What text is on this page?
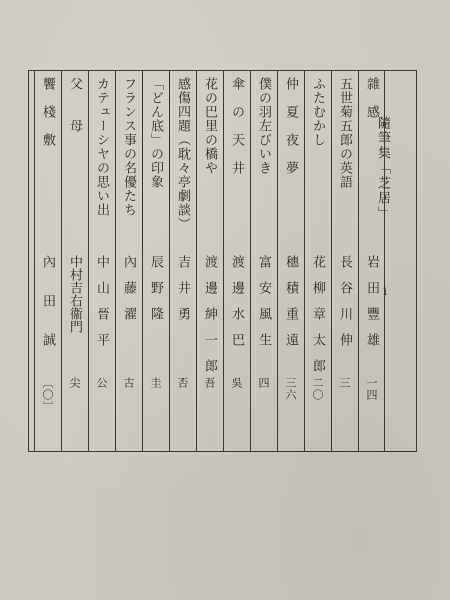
隨筆集「芝居」
i
雜　感
岩　田　豐　雄
一四
五世菊五郎の英語
長　谷　川　伸
三
ふたむかし
花　柳　章　太　郎
二〇
仲　夏　夜　夢
穗　積　重　遠
三六
僕の羽左びいき
富　安　風　生
四
傘　の　天　井
渡　邊　水　巴
吳
花の巴里の橋や
渡　邊　紳　一　郎
吾
感傷四題（耽々亭劇談）
吉　井　勇
否
「どん底」の印象
辰　野　隆
圭
フランス事の名優たち
內　藤　濯
古
カテューシヤの思い出
中　山　晉　平
公
父　　母
中村吉右衞門
尖
饗　棧　敷
內　　田　　誠
〔〇〕
